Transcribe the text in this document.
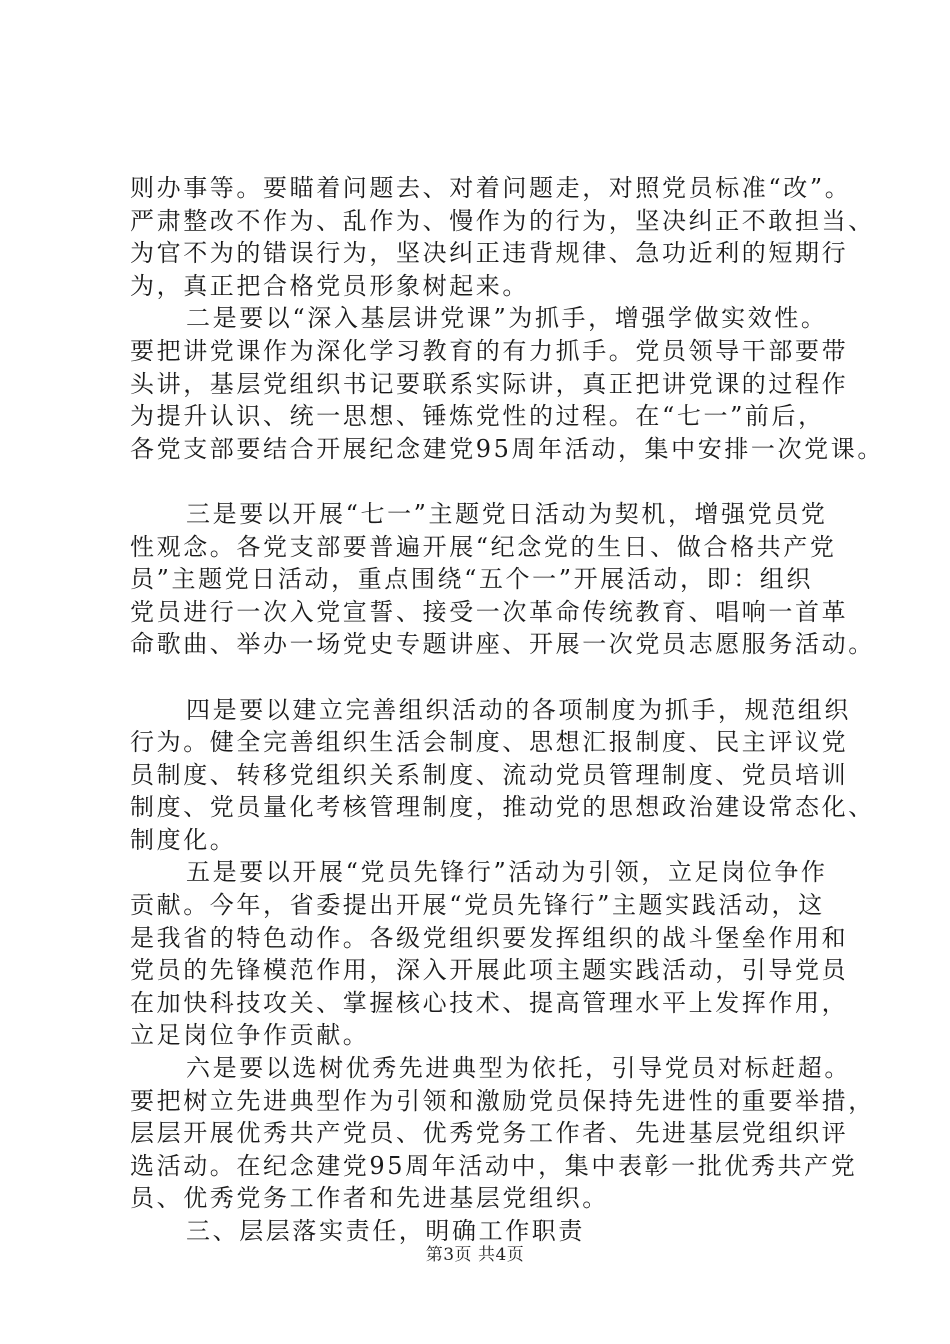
则办事等。要瞄着问题去、对着问题走，对照党员标准“改”。
严肃整改不作为、乱作为、慢作为的行为，坚决纠正不敢担当、
为官不为的错误行为，坚决纠正违背规律、急功近利的短期行
为，真正把合格党员形象树起来。
二是要以“深入基层讲党课”为抓手，增强学做实效性。
要把讲党课作为深化学习教育的有力抓手。党员领导干部要带
头讲，基层党组织书记要联系实际讲，真正把讲党课的过程作
为提升认识、统一思想、锤炼党性的过程。在“七一”前后，
各党支部要结合开展纪念建党95周年活动，集中安排一次党课。
三是要以开展“七一”主题党日活动为契机，增强党员党
性观念。各党支部要普遍开展“纪念党的生日、做合格共产党
员”主题党日活动，重点围绕“五个一”开展活动，即：组织
党员进行一次入党宣誓、接受一次革命传统教育、唱响一首革
命歌曲、举办一场党史专题讲座、开展一次党员志愿服务活动。
四是要以建立完善组织活动的各项制度为抓手，规范组织
行为。健全完善组织生活会制度、思想汇报制度、民主评议党
员制度、转移党组织关系制度、流动党员管理制度、党员培训
制度、党员量化考核管理制度，推动党的思想政治建设常态化、
制度化。
五是要以开展“党员先锋行”活动为引领，立足岗位争作
贡献。今年，省委提出开展“党员先锋行”主题实践活动，这
是我省的特色动作。各级党组织要发挥组织的战斗堡垒作用和
党员的先锋模范作用，深入开展此项主题实践活动，引导党员
在加快科技攻关、掌握核心技术、提高管理水平上发挥作用，
立足岗位争作贡献。
六是要以选树优秀先进典型为依托，引导党员对标赶超。
要把树立先进典型作为引领和激励党员保持先进性的重要举措，
层层开展优秀共产党员、优秀党务工作者、先进基层党组织评
选活动。在纪念建党95周年活动中，集中表彰一批优秀共产党
员、优秀党务工作者和先进基层党组织。
三、层层落实责任，明确工作职责
第3页 共4页
